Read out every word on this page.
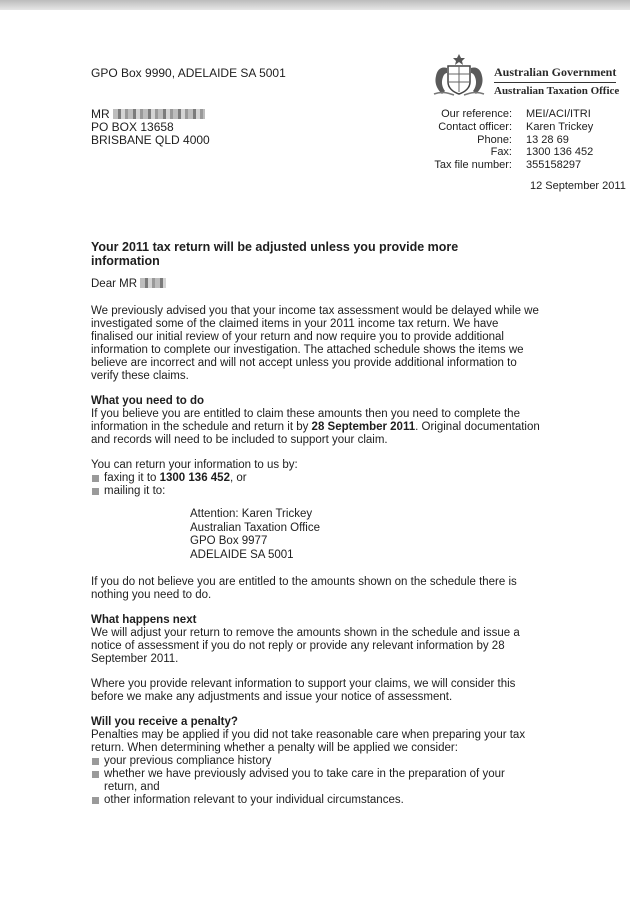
GPO Box 9990, ADELAIDE SA 5001	Australian Government
Australian Taxation Office
MR
PO BOX 13658
BRISBANE QLD 4000
Our reference:	MEI/ACI/ITRI
Contact officer:	Karen Trickey
Phone:	13 28 69
Fax:	1300 136 452
Tax file number:	355158297
12 September 2011
Your 2011 tax return will be adjusted unless you provide more information

Dear MR

We previously advised you that your income tax assessment would be delayed while we investigated some of the claimed items in your 2011 income tax return. We have finalised our initial review of your return and now require you to provide additional information to complete our investigation. The attached schedule shows the items we believe are incorrect and will not accept unless you provide additional information to verify these claims.

What you need to do

If you believe you are entitled to claim these amounts then you need to complete the information in the schedule and return it by 28 September 2011. Original documentation and records will need to be included to support your claim.

You can return your information to us by:

faxing it to 1300 136 452, or
mailing it to:
Attention: Karen Trickey
Australian Taxation Office
GPO Box 9977
ADELAIDE SA 5001

If you do not believe you are entitled to the amounts shown on the schedule there is nothing you need to do.

What happens next

We will adjust your return to remove the amounts shown in the schedule and issue a notice of assessment if you do not reply or provide any relevant information by 28 September 2011.

Where you provide relevant information to support your claims, we will consider this before we make any adjustments and issue your notice of assessment.

Will you receive a penalty?

Penalties may be applied if you did not take reasonable care when preparing your tax return. When determining whether a penalty will be applied we consider:

your previous compliance history
whether we have previously advised you to take care in the preparation of your return, and
other information relevant to your individual circumstances.
